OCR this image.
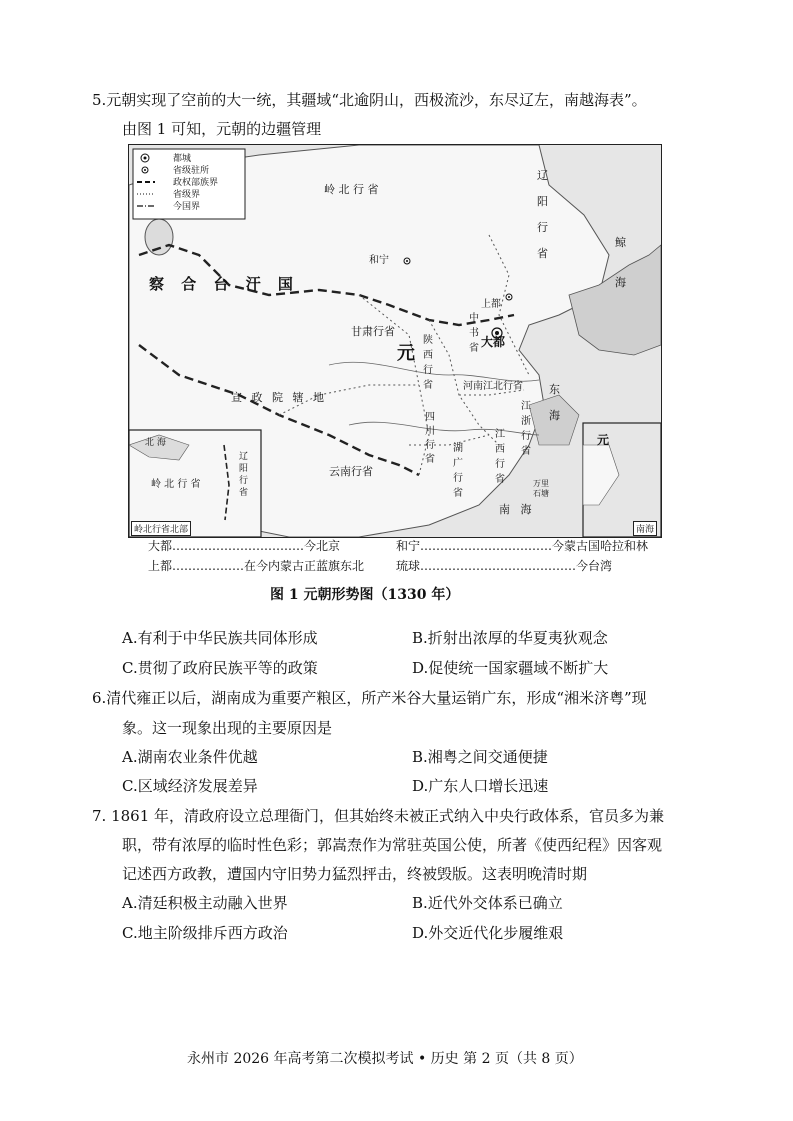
5.元朝实现了空前的大一统，其疆域“北逾阴山，西极流沙，东尽辽左，南越海表”。
由图 1 可知，元朝的边疆管理
都城
省级驻所
政权部族界
省级界
今国界
岭 北 行 省
辽
阳
行
省
察 合 台 汗 国
甘肃行省
元
中
书
省
陕
西
行
省	河南江北行省
宣 政 院 辖 地
四
川
行
省
江
浙
行
省
江
西
行
省
湖
广
行
省
云南行省
和宁
上都
大都
鲸
海
东
海
南 海
万里
石塘
北 海
岭 北 行 省
辽
阳
行
省
岭北行省北部
元
南海
大都……………………………今北京	和宁……………………………今蒙古国哈拉和林
上都………………在今内蒙古正蓝旗东北	琉球…………………………………今台湾
图 1 元朝形势图（1330 年）
A.有利于中华民族共同体形成	B.折射出浓厚的华夏夷狄观念
C.贯彻了政府民族平等的政策	D.促使统一国家疆域不断扩大
6.清代雍正以后，湖南成为重要产粮区，所产米谷大量运销广东，形成“湘米济粤”现
象。这一现象出现的主要原因是
A.湖南农业条件优越	B.湘粤之间交通便捷
C.区域经济发展差异	D.广东人口增长迅速
7. 1861 年，清政府设立总理衙门，但其始终未被正式纳入中央行政体系，官员多为兼
职，带有浓厚的临时性色彩；郭嵩焘作为常驻英国公使，所著《使西纪程》因客观
记述西方政教，遭国内守旧势力猛烈抨击，终被毁版。这表明晚清时期
A.清廷积极主动融入世界	B.近代外交体系已确立
C.地主阶级排斥西方政治	D.外交近代化步履维艰
永州市 2026 年高考第二次模拟考试 • 历史 第 2 页（共 8 页）
